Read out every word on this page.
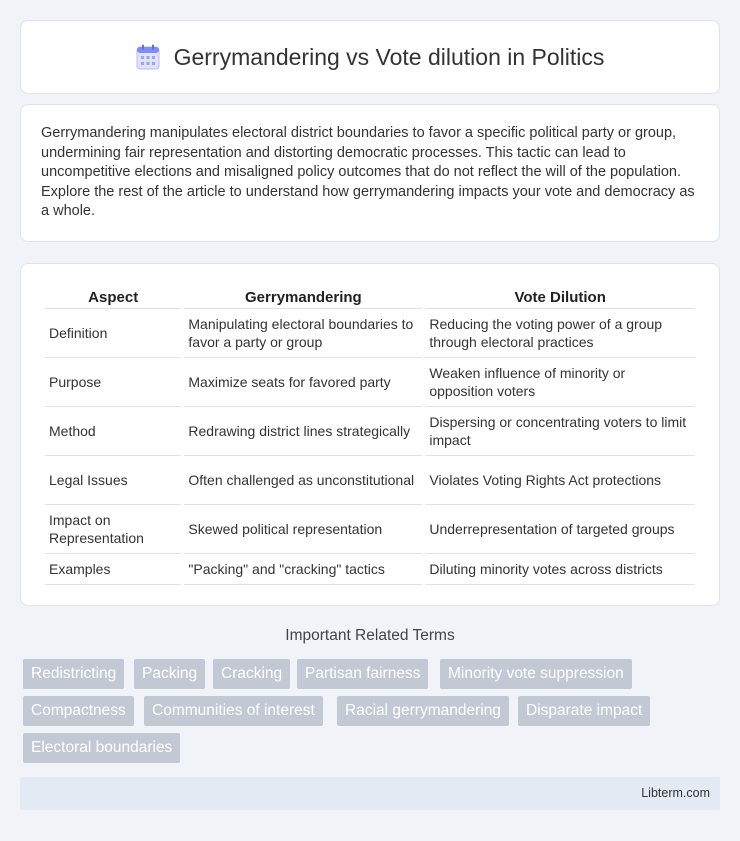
Gerrymandering vs Vote dilution in Politics

Gerrymandering manipulates electoral district boundaries to favor a specific political party or group, undermining fair representation and distorting democratic processes. This tactic can lead to uncompetitive elections and misaligned policy outcomes that do not reflect the will of the population. Explore the rest of the article to understand how gerrymandering impacts your vote and democracy as a whole.

Aspect	Gerrymandering	Vote Dilution
Definition	Manipulating electoral boundaries to favor a party or group	Reducing the voting power of a group through electoral practices
Purpose	Maximize seats for favored party	Weaken influence of minority or opposition voters
Method	Redrawing district lines strategically	Dispersing or concentrating voters to limit impact
Legal Issues	Often challenged as unconstitutional	Violates Voting Rights Act protections
Impact on Representation	Skewed political representation	Underrepresentation of targeted groups
Examples	"Packing" and "cracking" tactics	Diluting minority votes across districts
Important Related Terms
Redistricting	Packing	Cracking	Partisan fairness	Minority vote suppression
Compactness	Communities of interest	Racial gerrymandering	Disparate impact
Electoral boundaries
Libterm.com
